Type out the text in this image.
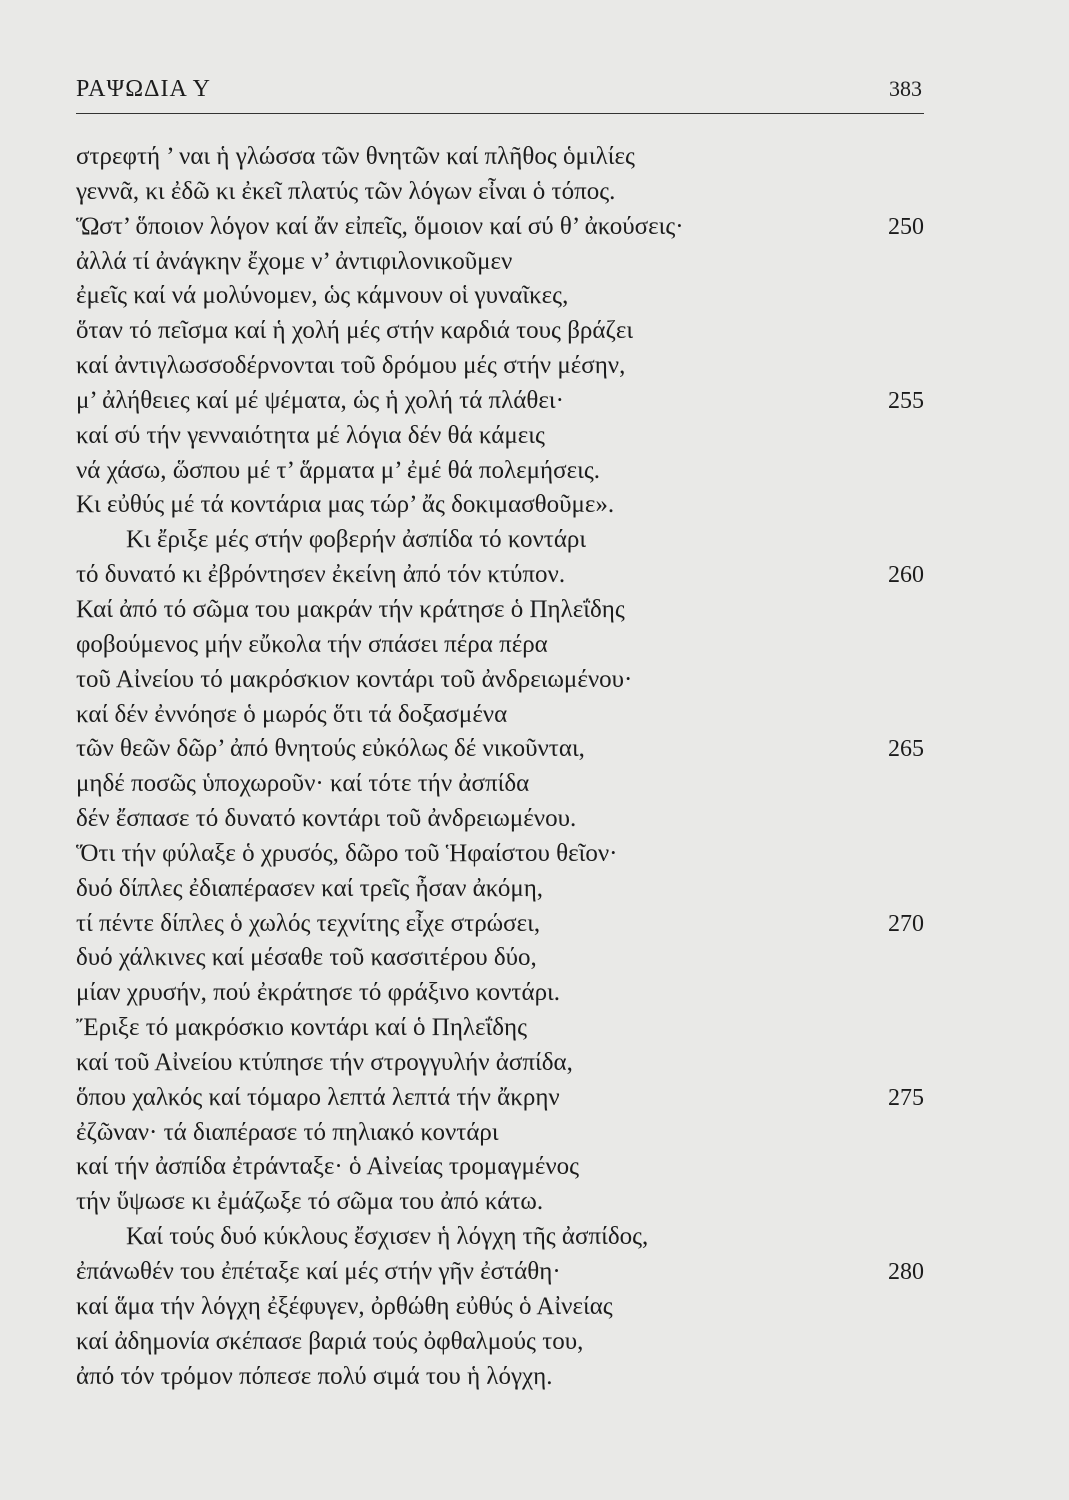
ΡΑΨΩΔΙΑ Υ	383
στρεφτή ’ ναι ἡ γλώσσα τῶν θνητῶν καί πλῆθος ὁμιλίες
γεννᾶ, κι ἐδῶ κι ἐκεῖ πλατύς τῶν λόγων εἶναι ὁ τόπος.
Ὥστ’ ὅποιον λόγον καί ἄν εἰπεῖς, ὅμοιον καί σύ θ’ ἀκούσεις·	250
ἀλλά τί ἀνάγκην ἔχομε ν’ ἀντιφιλονικοῦμεν
ἐμεῖς καί νά μολύνομεν, ὡς κάμνουν οἱ γυναῖκες,
ὅταν τό πεῖσμα καί ἡ χολή μές στήν καρδιά τους βράζει
καί ἀντιγλωσσοδέρνονται τοῦ δρόμου μές στήν μέσην,
μ’ ἀλήθειες καί μέ ψέματα, ὡς ἡ χολή τά πλάθει·	255
καί σύ τήν γενναιότητα μέ λόγια δέν θά κάμεις
νά χάσω, ὥσπου μέ τ’ ἅρματα μ’ ἐμέ θά πολεμήσεις.
Κι εὐθύς μέ τά κοντάρια μας τώρ’ ἄς δοκιμασθοῦμε».
Κι ἔριξε μές στήν φοβερήν ἀσπίδα τό κοντάρι
τό δυνατό κι ἐβρόντησεν ἐκείνη ἀπό τόν κτύπον.	260
Καί ἀπό τό σῶμα του μακράν τήν κράτησε ὁ Πηλεΐδης
φοβούμενος μήν εὔκολα τήν σπάσει πέρα πέρα
τοῦ Αἰνείου τό μακρόσκιον κοντάρι τοῦ ἀνδρειωμένου·
καί δέν ἐννόησε ὁ μωρός ὅτι τά δοξασμένα
τῶν θεῶν δῶρ’ ἀπό θνητούς εὐκόλως δέ νικοῦνται,	265
μηδέ ποσῶς ὑποχωροῦν· καί τότε τήν ἀσπίδα
δέν ἔσπασε τό δυνατό κοντάρι τοῦ ἀνδρειωμένου.
Ὅτι τήν φύλαξε ὁ χρυσός, δῶρο τοῦ Ἡφαίστου θεῖον·
δυό δίπλες ἐδιαπέρασεν καί τρεῖς ἦσαν ἀκόμη,
τί πέντε δίπλες ὁ χωλός τεχνίτης εἶχε στρώσει,	270
δυό χάλκινες καί μέσαθε τοῦ κασσιτέρου δύο,
μίαν χρυσήν, πού ἐκράτησε τό φράξινο κοντάρι.
Ἔριξε τό μακρόσκιο κοντάρι καί ὁ Πηλεΐδης
καί τοῦ Αἰνείου κτύπησε τήν στρογγυλήν ἀσπίδα,
ὅπου χαλκός καί τόμαρο λεπτά λεπτά τήν ἄκρην	275
ἐζῶναν· τά διαπέρασε τό πηλιακό κοντάρι
καί τήν ἀσπίδα ἐτράνταξε· ὁ Αἰνείας τρομαγμένος
τήν ὕψωσε κι ἐμάζωξε τό σῶμα του ἀπό κάτω.
Καί τούς δυό κύκλους ἔσχισεν ἡ λόγχη τῆς ἀσπίδος,
ἐπάνωθέν του ἐπέταξε καί μές στήν γῆν ἐστάθη·	280
καί ἅμα τήν λόγχη ἐξέφυγεν, ὀρθώθη εὐθύς ὁ Αἰνείας
καί ἀδημονία σκέπασε βαριά τούς ὀφθαλμούς του,
ἀπό τόν τρόμον πόπεσε πολύ σιμά του ἡ λόγχη.
